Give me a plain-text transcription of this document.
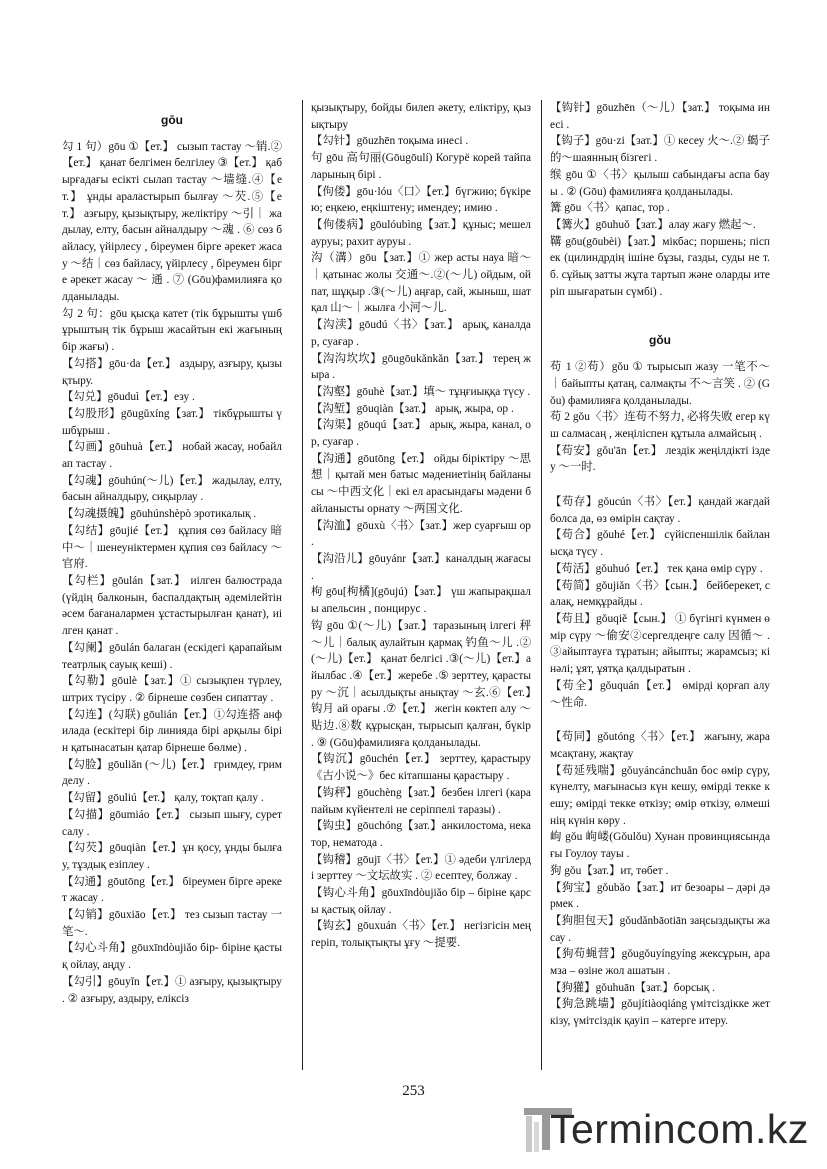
gōu

勾 1 句）gōu ①【ет.】 сызып тастау ～销.②【ет.】 қанат белгімен белгілеу ③【ет.】 қабырғадағы есікті сылап тастау ～墙缝.④【ет.】 ұнды араластырып былғау ～芡.⑤【ет.】 азғыру, қызықтыру, желіктіру ～引｜ жадылау, елту, басын айналдыру ～魂 . ⑥ сөз байласу, үйірлесу , біреумен бірге әрекет жасау ～结｜сөз байласу, үйірлесу , біреумен бірге әрекет жасау ～ 通 . ⑦ (Gōu)фамилияға қолданылады.

勾 2 句：gōu қысқа катет (тік бұрышты үшбұрыштың тік бұрыш жасайтын екі жағының бір жағы) .

【勾搭】gōu·da【ет.】 аздыру, азғыру, қызықтыру.

【勾兑】gōuduì【ет.】езу .

【勾股形】gōugǔxíng【зат.】 тікбұрышты үшбұрыш .

【勾画】gōuhuà【ет.】 нобай жасау, нобайлап тастау .

【勾魂】gōuhún(～儿)【ет.】 жадылау, елту, басын айналдыру, сиқырлау .

【勾魂摄魄】gōuhúnshèpò эротикалық .

【勾结】gōujié【ет.】 құпия сөз байласу 暗中～｜шенеуніктермен құпия сөз байласу ～官府.

【勾栏】gōulán【зат.】 иілген балюстрада (үйдің балконын, баспалдақтың әдемілейтін әсем бағаналармен ұстастырылған қанат), иілген қанат .

【勾阑】gōulán балаган (ескідегі қарапайым театрлық сауық кеші) .

【勾勒】gōulè【зат.】① сызықпен түрлеу, штрих түсіру . ② бірнеше сөзбен сипаттау .

【勾连】(勾联) gōulián【ет.】①勾连搭 анфилада (ескітері бір линияда бірі арқылы бірін қатынасатын қатар бірнеше бөлме) .

【勾脸】gōuliǎn (～儿)【ет.】 гримдеу, гримделу .

【勾留】gōuliú【ет.】 қалу, тоқтап қалу .

【勾描】gōumiáo【ет.】 сызып шығу, сурет салу .

【勾芡】gōuqiàn【ет.】ұн қосу, ұнды былғау, тұздық езіплеу .

【勾通】gōutōng【ет.】 біреумен бірге әрекет жасау .

【勾销】gōuxiāo【ет.】 тез сызып тастау 一笔～.

【勾心斗角】gōuxīndòujiǎo бір- біріне қастық ойлау, аңду .

【勾引】gōuyǐn【ет.】① азғыру, қызықтыру . ② азғыру, аздыру, еліксіз

қызықтыру, бойды билеп әкету, еліктіру, қызықтыру

【勾针】gōuzhēn тоқыма инесі .

句 gōu 高句丽(Gōugōulí) Когурё корей тайпаларының бірі .

【佝偻】gōu·lóu〈口〉【ет.】бүгжию; бүкірею; еңкею, еңкіштену; имендеу; имию .

【佝偻病】gōulóubìng【зат.】құныс; мешел ауруы; рахит ауруы .

沟（溝）gōu【зат.】① жер асты науа 暗～｜қатынас жолы 交通～.②(～儿) ойдым, ойпат, шұқыр .③(～儿) аңғар, сай, жыныш, шатқал 山～｜жылға 小河～儿.

【沟渎】gōudú〈书〉【зат.】 арық, каналдар, суағар .

【沟沟坎坎】gōugōukǎnkǎn【зат.】 терең жыра .

【沟壑】gōuhè【зат.】填～ тұңғиыққа түсу .

【沟堑】gōuqiàn【зат.】 арық, жыра, ор .

【沟渠】gōuqú【зат.】 арық, жыра, канал, ор, суағар .

【沟通】gōutōng【ет.】 ойды біріктіру ～思想｜қытай мен батыс мәдениетінің байланысы ～中西文化｜екі ел арасындағы мәдени байланысты орнату ～两国文化.

【沟洫】gōuxù〈书〉【зат.】жер суарғыш ор .

【沟沿儿】gōuyánr【зат.】каналдың жағасы .

枸 gōu[枸橘](gōujú)【зат.】 үш жапырақшалы апельсин , понцирус .

钩 gōu ①(～儿)【зат.】таразының ілгегі 秤～儿｜балық аулайтын қармақ 钓鱼～儿 .②(～儿)【ет.】 қанат белгісі .③(～儿)【ет.】айылбас .④【ет.】жеребе .⑤ зерттеу, қарастыру ～沉｜асылдықты анықтау ～玄.⑥【ет.】钩月 ай орағы .⑦【ет.】 жегін көктеп алу ～贴边.⑧数 құрысқан, тырысып қалған, бүкір . ⑨ (Gōu)фамилияға қолданылады.

【钩沉】gōuchén【ет.】 зерттеу, қарастыру 《古小说～》бес кітапшаны қарастыру .

【钩秤】gōuchèng【зат.】безбен ілгегі (карапайым күйентелі не серіппелі таразы) .

【钩虫】gōuchóng【зат.】анкилостома, некатор, нематода .

【钩稽】gōujī〈书〉【ет.】① әдеби үлгілерді зерттеу ～文坛故实 . ② есептеу, болжау .

【钩心斗角】gōuxīndòujiǎo бір – біріне қарсы қастық ойлау .

【钩玄】gōuxuán〈书〉【ет.】 негізгісін меңгеріп, толықтықты ұғу ～提要.

【钩针】gōuzhēn（～儿）【зат.】 тоқыма инесі .

【钩子】gōu·zi【зат.】① кесеу 火～.② 蝎子的～шаянның бізгегі .

缑 gōu ①〈书〉қылыш сабындағы аспа бауы . ② (Gōu) фамилияға қолданылады.

篝 gōu〈书〉қапас, тор .

【篝火】gōuhuǒ【зат.】алау жағу 燃起～.

鞲 gōu(gōubèi)【зат.】мікбас; поршень; піспек (цилиндрдің ішіне бұзы, газды, суды не т. б. сұйық затты жұта тартып және оларды итеріп шығаратын сүмбі) .

gǒu

苟 1 ②苟）gǒu ① тырысып жазу 一笔不～｜байыпты қатаң, салмақты 不～言笑 . ② (Gǒu) фамилияға қолданылады.

苟 2 gǒu〈书〉连苟不努力, 必将失败 егер күш салмасаң , жеңіліспен құтыла алмайсың .

【苟安】gǒu'ān【ет.】 лездік жеңілдікті іздеу ～一时.

【苟存】gǒucún〈书〉【ет.】қандай жағдай болса да, өз өмірін сақтау .

【苟合】gǒuhé【ет.】 сүйіспеншілік байланысқа түсу .

【苟活】gǒuhuó【ет.】 тек қана өмір сүру .

【苟简】gǒujiǎn〈书〉【сын.】 бейберекет, салақ, немқұрайды .

【苟且】gǒuqiě【сын.】 ① бүгінгі күнмен өмір сүру ～偷安②сергелдеңге салу 因循～ .③айыптауға тұратын; айыпты; жарамсыз; кінәлі; ұят, ұятқа қалдыратын .

【苟全】gǒuquán【ет.】 өмірді қорғап алу ～性命.

【苟同】gǒutóng〈书〉【ет.】 жағыну, жарамсақтану, жақтау

【苟延残喘】gǒuyáncánchuǎn бос өмір сүру, күнелту, мағынасыз күн кешу, өмірді текке кешу; өмірді текке өткізу; өмір өткізу, өлмешінің күнін көру .

岣 gǒu 岣嵝(Gǒulǒu) Хунан провинциясындағы Гоулоу тауы .

狗 gǒu【зат.】ит, төбет .

【狗宝】gǒubǎo【зат.】ит безоары – дәрі дәрмек .

【狗胆包天】gǒudǎnbāotiān заңсыздықты жасау .

【狗苟蝇营】gǒugǒuyíngyíng жексұрын, арамза – өзіне жол ашатын .

【狗獾】gǒuhuān【зат.】борсық .

【狗急跳墙】gǒujítiàoqiáng үмітсіздікке жеткізу, үмітсіздік қауіп – катерге итеру.

253
Termincom.kz
